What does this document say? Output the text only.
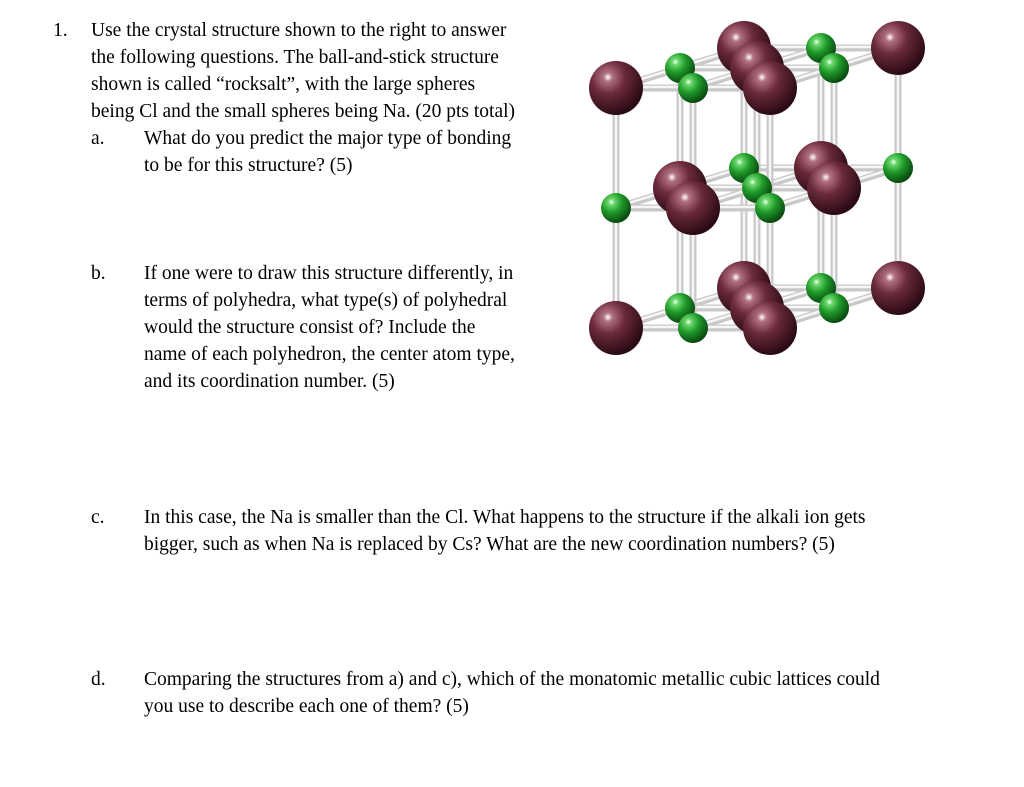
1. Use the crystal structure shown to the right to answer
the following questions. The ball-and-stick structure
shown is called “rocksalt”, with the large spheres
being Cl and the small spheres being Na. (20 pts total)
a. What do you predict the major type of bonding
to be for this structure? (5)
b. If one were to draw this structure differently, in
terms of polyhedra, what type(s) of polyhedral
would the structure consist of? Include the
name of each polyhedron, the center atom type,
and its coordination number. (5)
c. In this case, the Na is smaller than the Cl. What happens to the structure if the alkali ion gets
bigger, such as when Na is replaced by Cs? What are the new coordination numbers? (5)
d. Comparing the structures from a) and c), which of the monatomic metallic cubic lattices could
you use to describe each one of them? (5)
